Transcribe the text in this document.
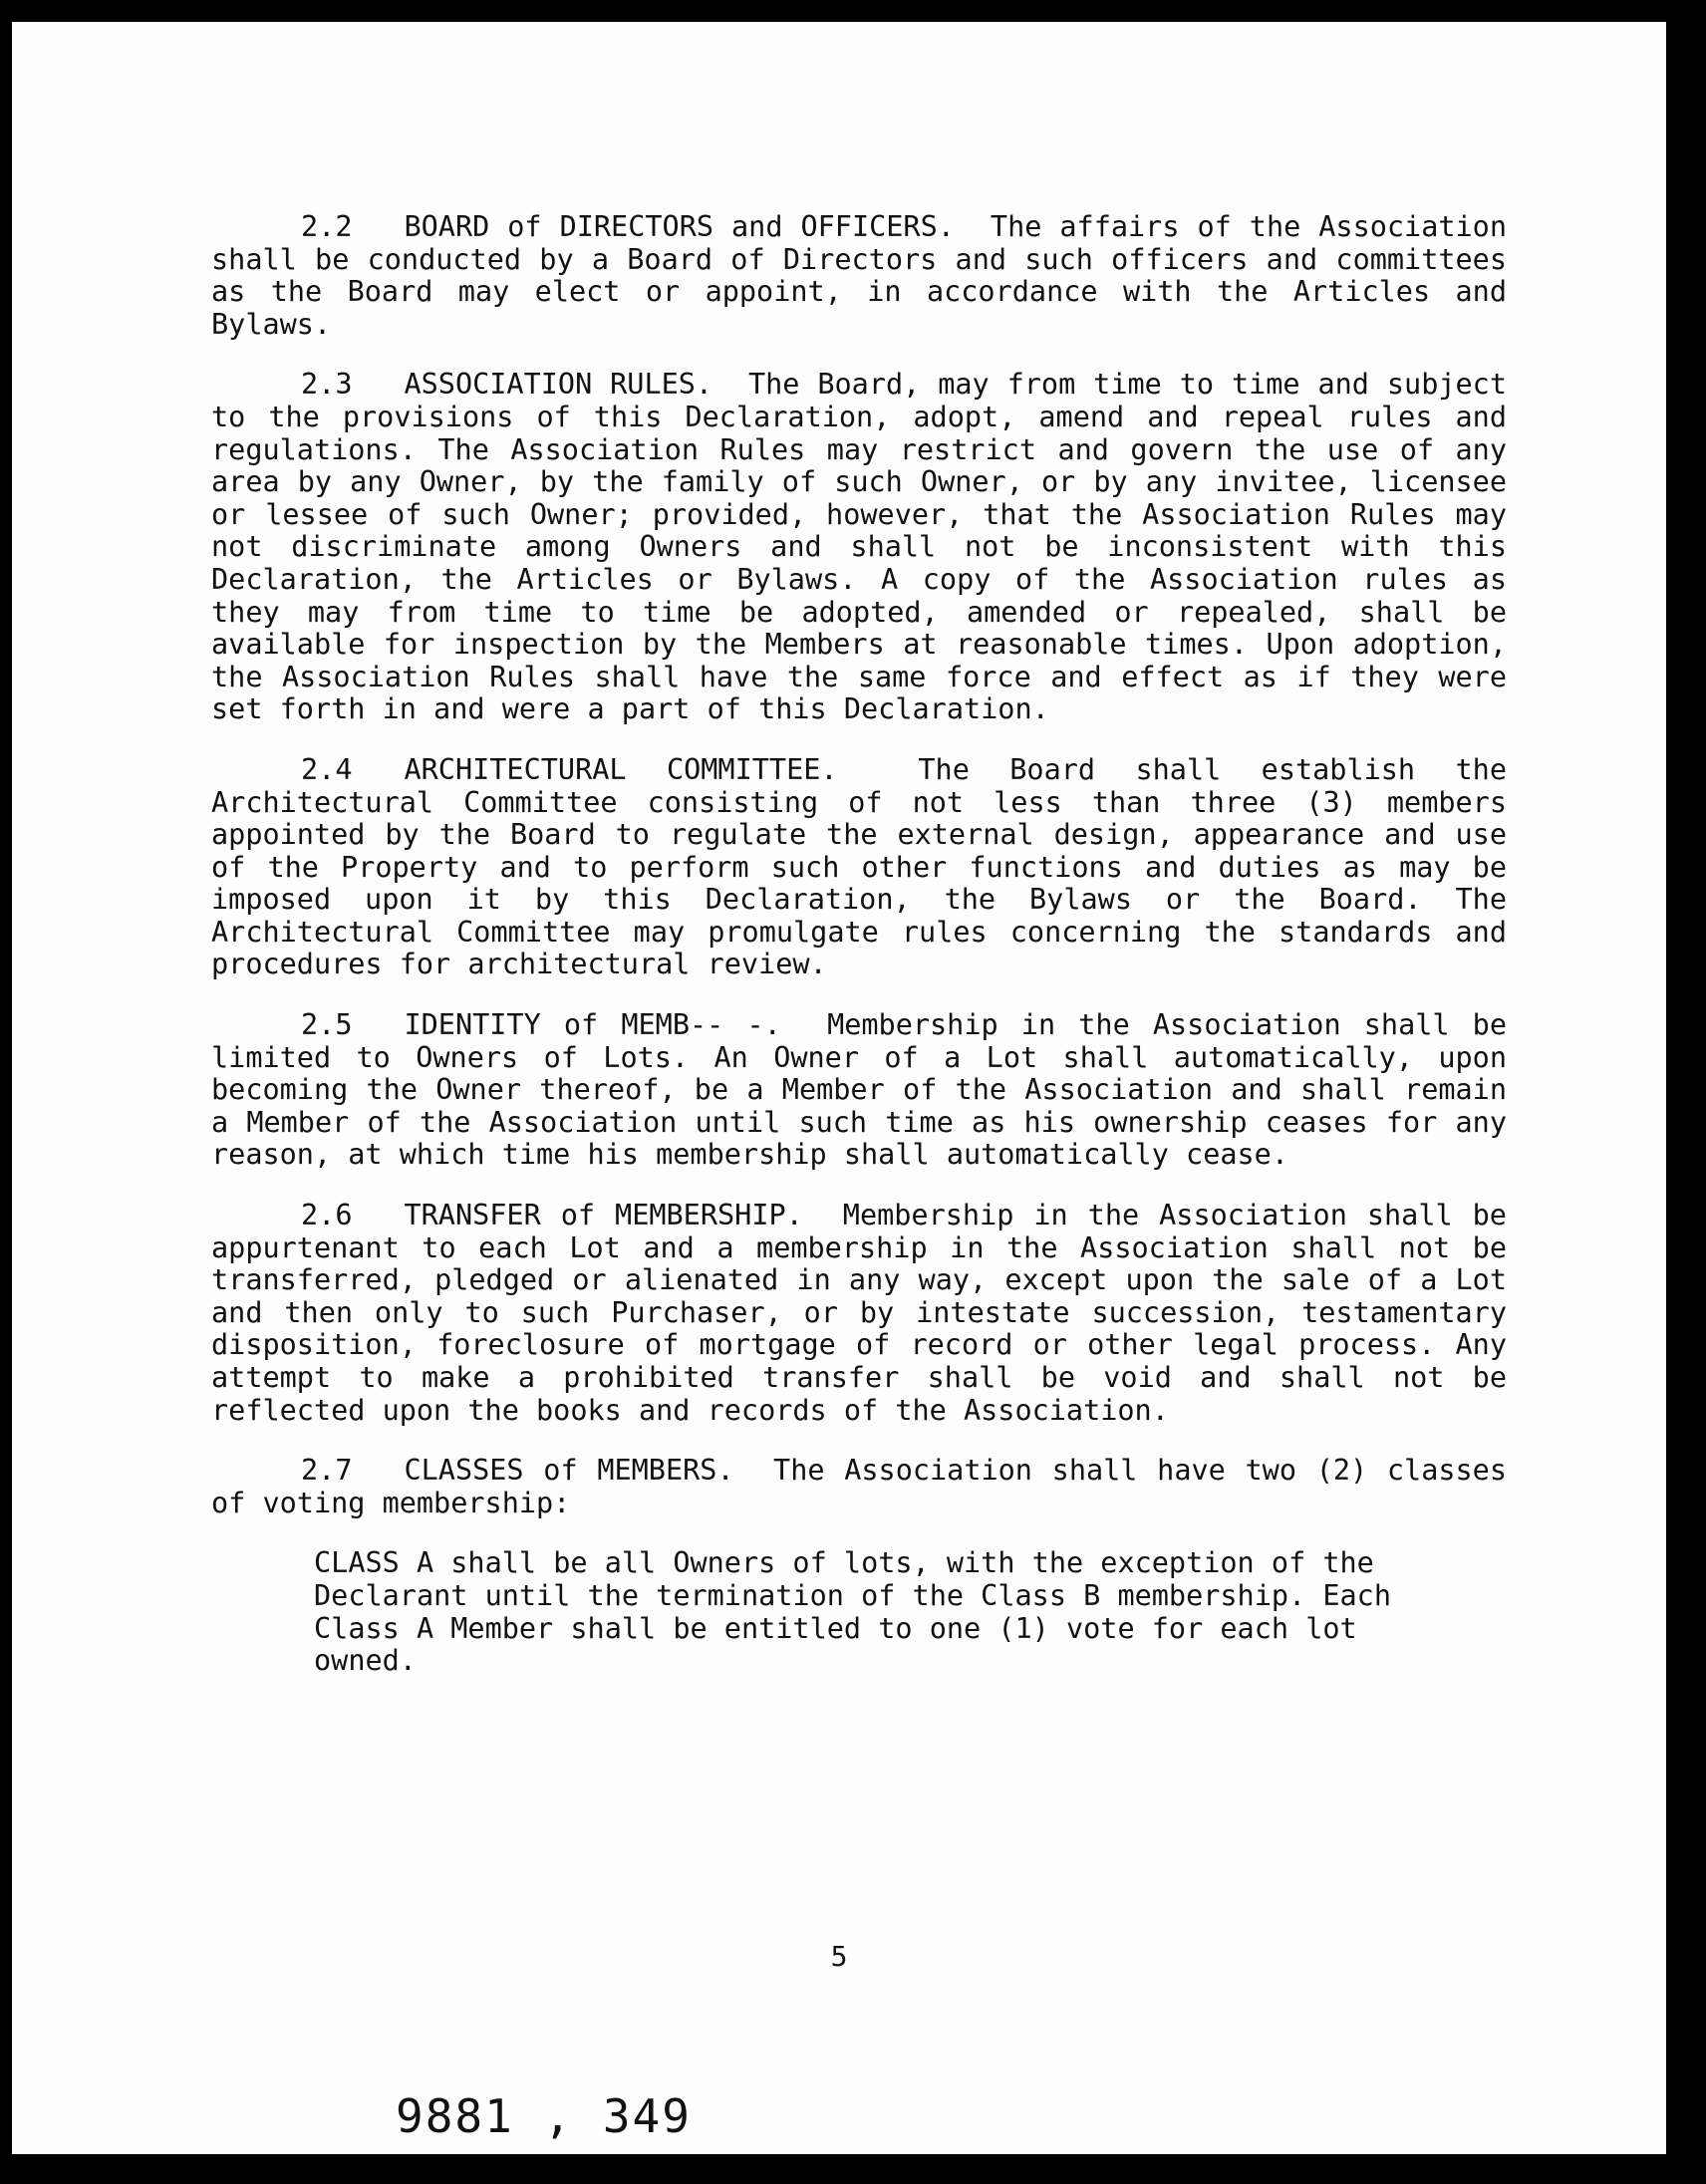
2.2 BOARD of DIRECTORS and OFFICERS. The affairs of the Association shall be conducted by a Board of Directors and such officers and committees as the Board may elect or appoint, in accordance with the Articles and Bylaws.

2.3 ASSOCIATION RULES. The Board, may from time to time and subject to the provisions of this Declaration, adopt, amend and repeal rules and regulations. The Association Rules may restrict and govern the use of any area by any Owner, by the family of such Owner, or by any invitee, licensee or lessee of such Owner; provided, however, that the Association Rules may not discriminate among Owners and shall not be inconsistent with this Declaration, the Articles or Bylaws. A copy of the Association rules as they may from time to time be adopted, amended or repealed, shall be available for inspection by the Members at reasonable times. Upon adoption, the Association Rules shall have the same force and effect as if they were set forth in and were a part of this Declaration.

2.4 ARCHITECTURAL COMMITTEE.	The Board shall establish the Architectural Committee consisting of not less than three (3) members appointed by the Board to regulate the external design, appearance and use of the Property and to perform such other functions and duties as may be imposed upon it by this Declaration, the Bylaws or the Board. The Architectural Committee may promulgate rules concerning the standards and procedures for architectural review.

2.5 IDENTITY of MEMB-- -. Membership in the Association shall be limited to Owners of Lots. An Owner of a Lot shall automatically, upon becoming the Owner thereof, be a Member of the Association and shall remain a Member of the Association until such time as his ownership ceases for any reason, at which time his membership shall automatically cease.

2.6 TRANSFER of MEMBERSHIP. Membership in the Association shall be appurtenant to each Lot and a membership in the Association shall not be transferred, pledged or alienated in any way, except upon the sale of a Lot and then only to such Purchaser, or by intestate succession, testamentary disposition, foreclosure of mortgage of record or other legal process. Any attempt to make a prohibited transfer shall be void and shall not be reflected upon the books and records of the Association.

2.7 CLASSES of MEMBERS. The Association shall have two (2) classes of voting membership:

CLASS A shall be all Owners of lots, with the exception of the Declarant until the termination of the Class B membership. Each Class A Member shall be entitled to one (1) vote for each lot owned.

5
9881 , 349
